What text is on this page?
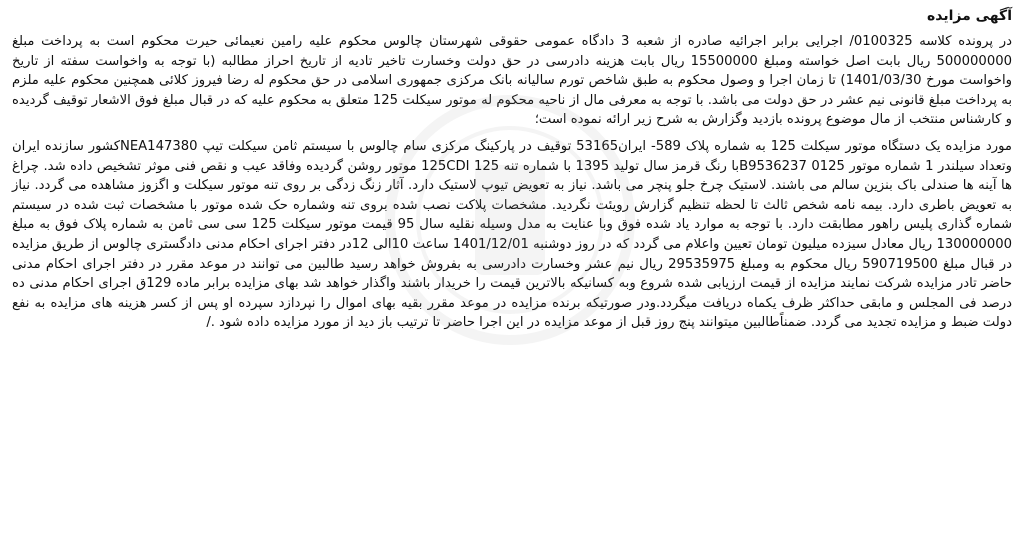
آگهی مزایده

در پرونده کلاسه 0100325/ اجرایی برابر اجرائیه صادره از شعبه 3 دادگاه عمومی حقوقی شهرستان چالوس محکوم علیه رامین نعیمائی حیرت محکوم است به پرداخت مبلغ 500000000 ریال بابت اصل خواسته ومبلغ 15500000 ریال بابت هزینه دادرسی در حق دولت وخسارت تاخیر تادیه از تاریخ احراز مطالبه (با توجه به واخواست سفته از تاریخ واخواست مورخ 1401/03/30) تا زمان اجرا و وصول محکوم به طبق شاخص تورم سالیانه بانک مرکزی جمهوری اسلامی در حق محکوم له رضا فیروز کلائی همچنین محکوم علیه ملزم به پرداخت مبلغ قانونی نیم عشر در حق دولت می باشد. با توجه به معرفی مال از ناحیه محکوم له موتور سیکلت 125 متعلق به محکوم علیه که در قبال مبلغ فوق الاشعار توقیف گردیده و کارشناس منتخب از مال موضوع پرونده بازدید وگزارش به شرح زیر ارائه نموده است؛

مورد مزایده یک دستگاه موتور سیکلت 125 به شماره پلاک 589- ایران53165 توقیف در پارکینگ مرکزی سام چالوس با سیستم ثامن سیکلت تیپ NEA147380کشور سازنده ایران وتعداد سیلندر 1 شماره موتور 0125 B9536237با رنگ قرمز سال تولید 1395 با شماره تنه 125 125CDI موتور روشن گردیده وفاقد عیب و نقص فنی موثر تشخیص داده شد. چراغ ها آینه ها صندلی باک بنزین سالم می باشند. لاستیک چرخ جلو پنچر می باشد. نیاز به تعویض تیوپ لاستیک دارد. آثار زنگ زدگی بر روی تنه موتور سیکلت و اگزوز مشاهده می گردد. نیاز به تعویض باطری دارد. بیمه نامه شخص ثالث تا لحظه تنظیم گزارش رویئت نگردید. مشخصات پلاکت نصب شده بروی تنه وشماره حک شده موتور با مشخصات ثبت شده در سیستم شماره گذاری پلیس راهور مطابقت دارد. با توجه به موارد یاد شده فوق وبا عنایت به مدل وسیله نقلیه سال 95 قیمت موتور سیکلت 125 سی سی ثامن به شماره پلاک فوق به مبلغ 130000000 ریال معادل سیزده میلیون تومان تعیین واعلام می گردد که در روز دوشنبه 1401/12/01 ساعت 10الی 12در دفتر اجرای احکام مدنی دادگستری چالوس از طریق مزایده در قبال مبلغ 590719500 ریال محکوم به ومبلغ 29535975 ریال نیم عشر وخسارت دادرسی به بفروش خواهد رسید طالبین می توانند در موعد مقرر در دفتر اجرای احکام مدنی حاضر تادر مزایده شرکت نمایند مزایده از قیمت ارزیابی شده شروع وبه کسانیکه بالاترین قیمت را خریدار باشند واگذار خواهد شد بهای مزایده برابر ماده 129ق اجرای احکام مدنی ده درصد فی المجلس و مابقی حداکثر ظرف یکماه دریافت میگردد.ودر صورتیکه برنده مزایده در موعد مقرر بقیه بهای اموال را نپردازد سپرده او پس از کسر هزینه های مزایده به نفع دولت ضبط و مزایده تجدید می گردد. ضمناًطالبین میتوانند پنج روز قبل از موعد مزایده در این اجرا حاضر تا ترتیب باز دید از مورد مزایده داده شود ./
